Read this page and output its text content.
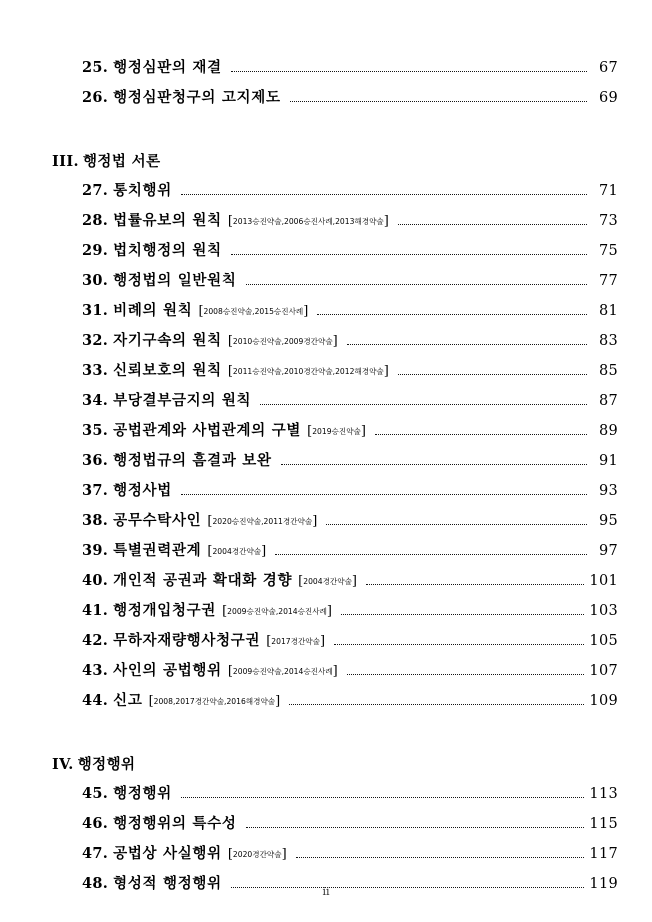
25. 행정심판의 재결	67
26. 행정심판청구의 고지제도	69
III. 행정법 서론
27. 통치행위	71
28. 법률유보의 원칙 [2013승진약술,2006승진사례,2013해경약술]	73
29. 법치행정의 원칙	75
30. 행정법의 일반원칙	77
31. 비례의 원칙 [2008승진약술,2015승진사례]	81
32. 자기구속의 원칙 [2010승진약술,2009경간약술]	83
33. 신뢰보호의 원칙 [2011승진약술,2010경간약술,2012해경약술]	85
34. 부당결부금지의 원칙	87
35. 공법관계와 사법관계의 구별 [2019승진약술]	89
36. 행정법규의 흠결과 보완	91
37. 행정사법	93
38. 공무수탁사인 [2020승진약술,2011경간약술]	95
39. 특별권력관계 [2004경간약술]	97
40. 개인적 공권과 확대화 경향 [2004경간약술]	101
41. 행정개입청구권 [2009승진약술,2014승진사례]	103
42. 무하자재량행사청구권 [2017경간약술]	105
43. 사인의 공법행위 [2009승진약술,2014승진사례]	107
44. 신고 [2008,2017경간약술,2016해경약술]	109
IV. 행정행위
45. 행정행위	113
46. 행정행위의 특수성	115
47. 공법상 사실행위 [2020경간약술]	117
48. 형성적 행정행위	119
ii
